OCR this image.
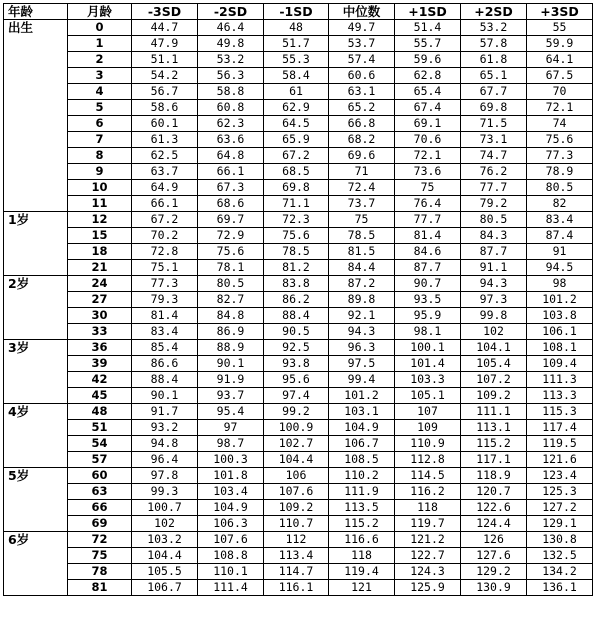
年龄	月龄	-3SD	-2SD	-1SD	中位数	+1SD	+2SD	+3SD
出生	0	44.7	46.4	48	49.7	51.4	53.2	55
	1	47.9	49.8	51.7	53.7	55.7	57.8	59.9
	2	51.1	53.2	55.3	57.4	59.6	61.8	64.1
	3	54.2	56.3	58.4	60.6	62.8	65.1	67.5
	4	56.7	58.8	61	63.1	65.4	67.7	70
	5	58.6	60.8	62.9	65.2	67.4	69.8	72.1
	6	60.1	62.3	64.5	66.8	69.1	71.5	74
	7	61.3	63.6	65.9	68.2	70.6	73.1	75.6
	8	62.5	64.8	67.2	69.6	72.1	74.7	77.3
	9	63.7	66.1	68.5	71	73.6	76.2	78.9
	10	64.9	67.3	69.8	72.4	75	77.7	80.5
	11	66.1	68.6	71.1	73.7	76.4	79.2	82
1岁	12	67.2	69.7	72.3	75	77.7	80.5	83.4
	15	70.2	72.9	75.6	78.5	81.4	84.3	87.4
	18	72.8	75.6	78.5	81.5	84.6	87.7	91
	21	75.1	78.1	81.2	84.4	87.7	91.1	94.5
2岁	24	77.3	80.5	83.8	87.2	90.7	94.3	98
	27	79.3	82.7	86.2	89.8	93.5	97.3	101.2
	30	81.4	84.8	88.4	92.1	95.9	99.8	103.8
	33	83.4	86.9	90.5	94.3	98.1	102	106.1
3岁	36	85.4	88.9	92.5	96.3	100.1	104.1	108.1
	39	86.6	90.1	93.8	97.5	101.4	105.4	109.4
	42	88.4	91.9	95.6	99.4	103.3	107.2	111.3
	45	90.1	93.7	97.4	101.2	105.1	109.2	113.3
4岁	48	91.7	95.4	99.2	103.1	107	111.1	115.3
	51	93.2	97	100.9	104.9	109	113.1	117.4
	54	94.8	98.7	102.7	106.7	110.9	115.2	119.5
	57	96.4	100.3	104.4	108.5	112.8	117.1	121.6
5岁	60	97.8	101.8	106	110.2	114.5	118.9	123.4
	63	99.3	103.4	107.6	111.9	116.2	120.7	125.3
	66	100.7	104.9	109.2	113.5	118	122.6	127.2
	69	102	106.3	110.7	115.2	119.7	124.4	129.1
6岁	72	103.2	107.6	112	116.6	121.2	126	130.8
	75	104.4	108.8	113.4	118	122.7	127.6	132.5
	78	105.5	110.1	114.7	119.4	124.3	129.2	134.2
	81	106.7	111.4	116.1	121	125.9	130.9	136.1
